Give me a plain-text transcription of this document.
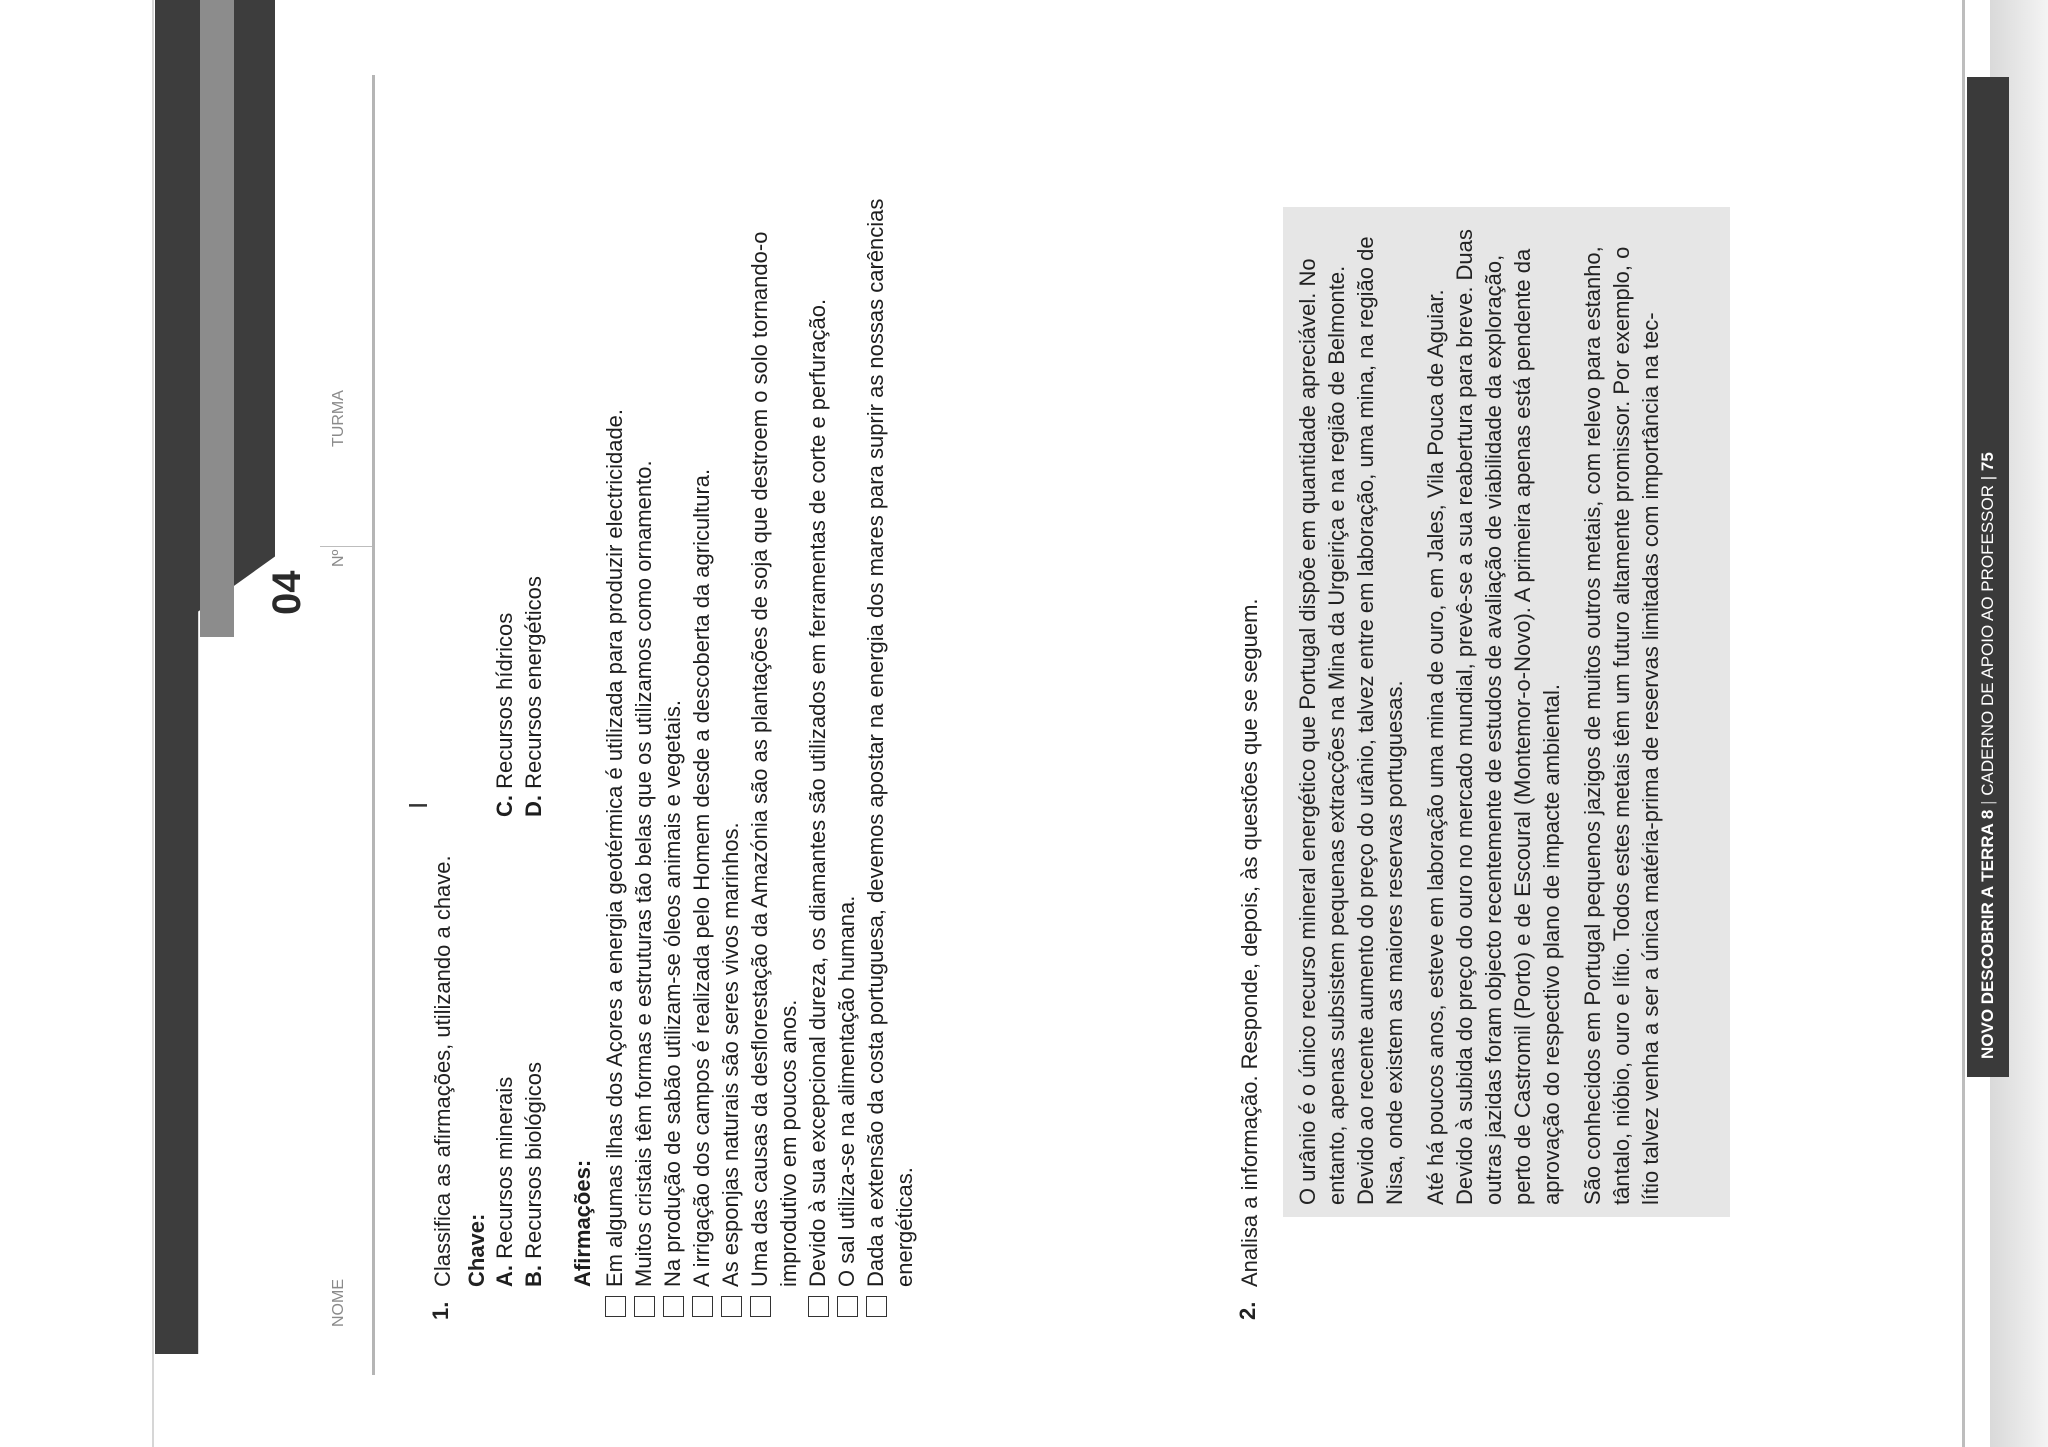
TESTE
04
NOME
Nº
TURMA
I
1.
Classifica as afirmações, utilizando a chave. Chave: A. Recursos minerais
B. Recursos biológicos
C. Recursos hídricos
D. Recursos energéticos
Afirmações: Em algumas ilhas dos Açores a energia geotérmica é utilizada para produzir electricidade. Muitos cristais têm formas e estruturas tão belas que os utilizamos como ornamento. Na produção de sabão utilizam-se óleos animais e vegetais. A irrigação dos campos é realizada pelo Homem desde a descoberta da agricultura. As esponjas naturais são seres vivos marinhos. Uma das causas da desflorestação da Amazónia são as plantações de soja que destroem o solo tornando-o improdutivo em poucos anos. Devido à sua excepcional dureza, os diamantes são utilizados em ferramentas de corte e perfuração. O sal utiliza-se na alimentação humana. Dada a extensão da costa portuguesa, devemos apostar na energia dos mares para suprir as nossas carências energéticas.
2.
Analisa a informação. Responde, depois, às questões que se seguem. O urânio é o único recurso mineral energético que Portugal dispõe em quantidade apreciável. No entanto, apenas subsistem pequenas extracções na Mina da Urgeiriça e na região de Belmonte. Devido ao recente aumento do preço do urânio, talvez entre em laboração, uma mina, na região de Nisa, onde existem as maiores reservas portuguesas. Até há poucos anos, esteve em laboração uma mina de ouro, em Jales, Vila Pouca de Aguiar. Devido à subida do preço do ouro no mercado mundial, prevê-se a sua reabertura para breve. Duas outras jazidas foram objecto recentemente de estudos de avaliação de viabilidade da exploração, perto de Castromil (Porto) e de Escoural (Montemor-o-Novo). A primeira apenas está pendente da aprovação do respectivo plano de impacte ambiental. São conhecidos em Portugal pequenos jazigos de muitos outros metais, com relevo para estanho, tântalo, nióbio, ouro e lítio. Todos estes metais têm um futuro altamente promissor. Por exemplo, o lítio talvez venha a ser a única matéria-prima de reservas limitadas com importância na tec-	NOVO DESCOBRIR A TERRA 8 | CADERNO DE APOIO AO PROFESSOR | 75
